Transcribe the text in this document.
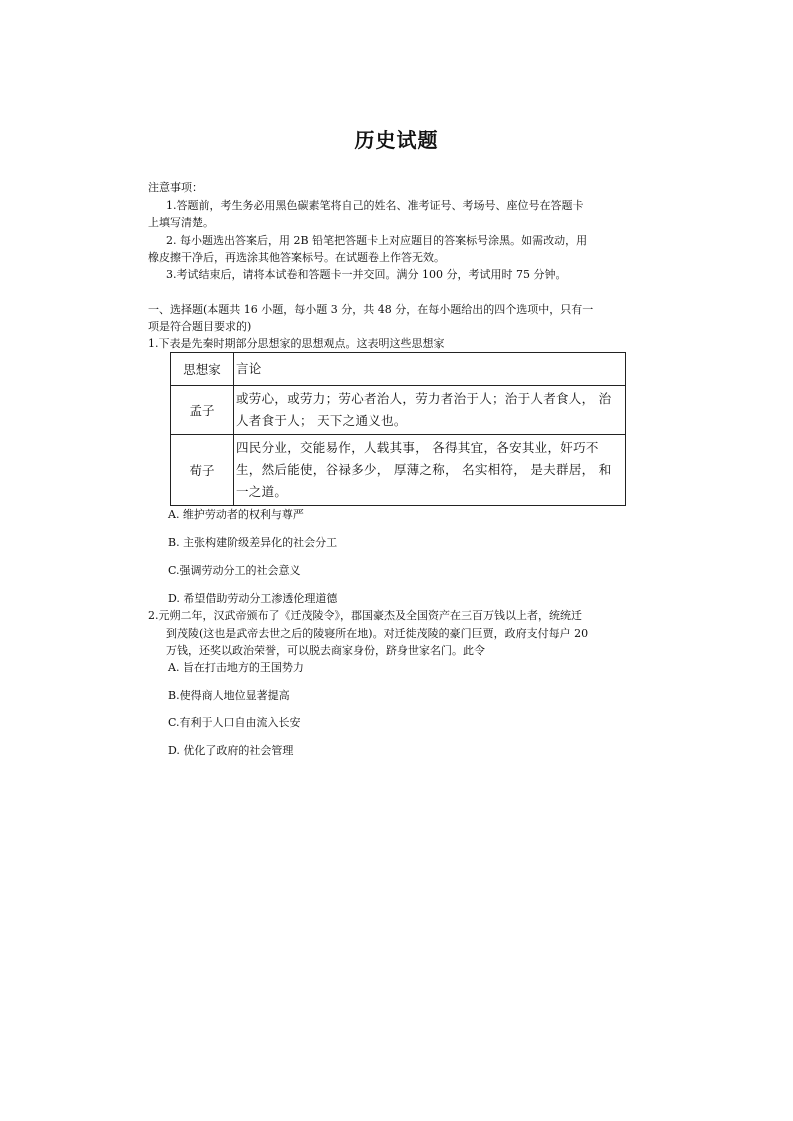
历史试题
注意事项：
1.答题前，考生务必用黑色碳素笔将自己的姓名、准考证号、考场号、座位号在答题卡
上填写清楚。
2. 每小题选出答案后，用 2B 铅笔把答题卡上对应题目的答案标号涂黑。如需改动，用
橡皮擦干净后，再选涂其他答案标号。在试题卷上作答无效。
3.考试结束后，请将本试卷和答题卡一并交回。满分 100 分，考试用时 75 分钟。
一、选择题(本题共 16 小题，每小题 3 分，共 48 分，在每小题给出的四个选项中，只有一
项是符合题目要求的)
1.下表是先秦时期部分思想家的思想观点。这表明这些思想家
思想家	言论
孟子	或劳心，或劳力；劳心者治人，劳力者治于人；治于人者食人， 治人者食于人； 天下之通义也。
荀子	四民分业，交能易作，人载其事， 各得其宜，各安其业，奸巧不生，然后能使，谷禄多少， 厚薄之称， 名实相符， 是夫群居， 和一之道。
A. 维护劳动者的权利与尊严
B. 主张构建阶级差异化的社会分工
C.强调劳动分工的社会意义
D. 希望借助劳动分工渗透伦理道德
2.元朔二年，汉武帝颁布了《迁茂陵令》，郡国豪杰及全国资产在三百万钱以上者，统统迁
到茂陵(这也是武帝去世之后的陵寝所在地)。对迁徙茂陵的豪门巨贾，政府支付每户 20
万钱，还奖以政治荣誉，可以脱去商家身份，跻身世家名门。此令
A. 旨在打击地方的王国势力
B.使得商人地位显著提高
C.有利于人口自由流入长安
D. 优化了政府的社会管理
